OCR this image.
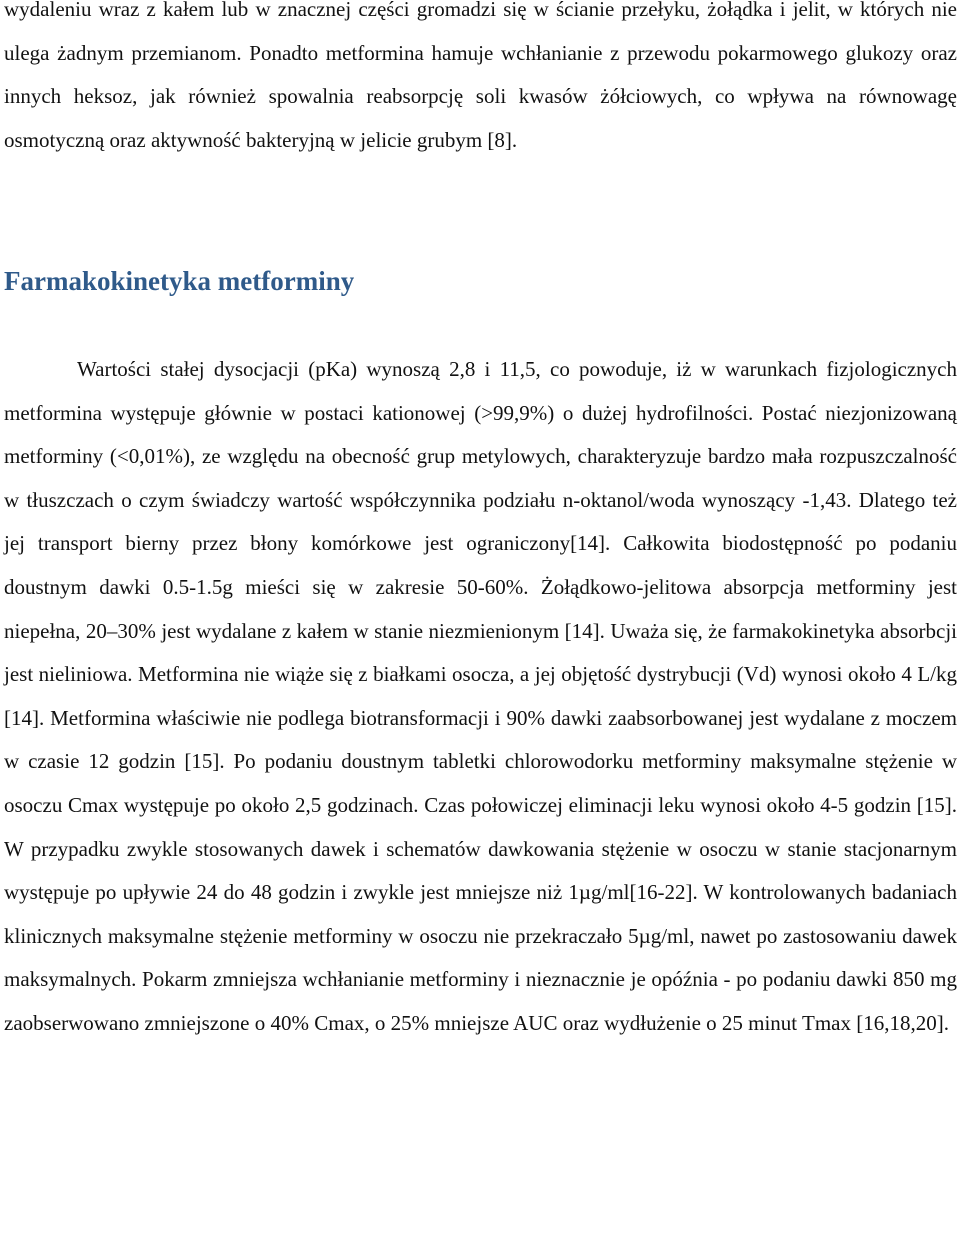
wydaleniu wraz z kałem lub w znacznej części gromadzi się w ścianie przełyku, żołądka i jelit, w których nie ulega żadnym przemianom. Ponadto metformina hamuje wchłanianie z przewodu pokarmowego glukozy oraz innych heksoz, jak również spowalnia reabsorpcję soli kwasów żółciowych, co wpływa na równowagę osmotyczną oraz aktywność bakteryjną w jelicie grubym [8].

Farmakokinetyka metforminy

Wartości stałej dysocjacji (pKa) wynoszą 2,8 i 11,5, co powoduje, iż w warunkach fizjologicznych metformina występuje głównie w postaci kationowej (>99,9%) o dużej hydrofilności. Postać niezjonizowaną metforminy (<0,01%), ze względu na obecność grup metylowych, charakteryzuje bardzo mała rozpuszczalność w tłuszczach o czym świadczy wartość współczynnika podziału n-oktanol/woda wynoszący -1,43. Dlatego też jej transport bierny przez błony komórkowe jest ograniczony[14]. Całkowita biodostępność po podaniu doustnym dawki 0.5-1.5g mieści się w zakresie 50-60%. Żołądkowo-jelitowa absorpcja metforminy jest niepełna, 20–30% jest wydalane z kałem w stanie niezmienionym [14]. Uważa się, że farmakokinetyka absorbcji jest nieliniowa. Metformina nie wiąże się z białkami osocza, a jej objętość dystrybucji (Vd) wynosi około 4 L/kg [14]. Metformina właściwie nie podlega biotransformacji i 90% dawki zaabsorbowanej jest wydalane z moczem w czasie 12 godzin [15]. Po podaniu doustnym tabletki chlorowodorku metforminy maksymalne stężenie w osoczu Cmax występuje po około 2,5 godzinach. Czas połowiczej eliminacji leku wynosi około 4-5 godzin [15]. W przypadku zwykle stosowanych dawek i schematów dawkowania stężenie w osoczu w stanie stacjonarnym występuje po upływie 24 do 48 godzin i zwykle jest mniejsze niż 1µg/ml[16-22]. W kontrolowanych badaniach klinicznych maksymalne stężenie metforminy w osoczu nie przekraczało 5µg/ml, nawet po zastosowaniu dawek maksymalnych. Pokarm zmniejsza wchłanianie metforminy i nieznacznie je opóźnia - po podaniu dawki 850 mg zaobserwowano zmniejszone o 40% Cmax, o 25% mniejsze AUC oraz wydłużenie o 25 minut Tmax [16,18,20].
